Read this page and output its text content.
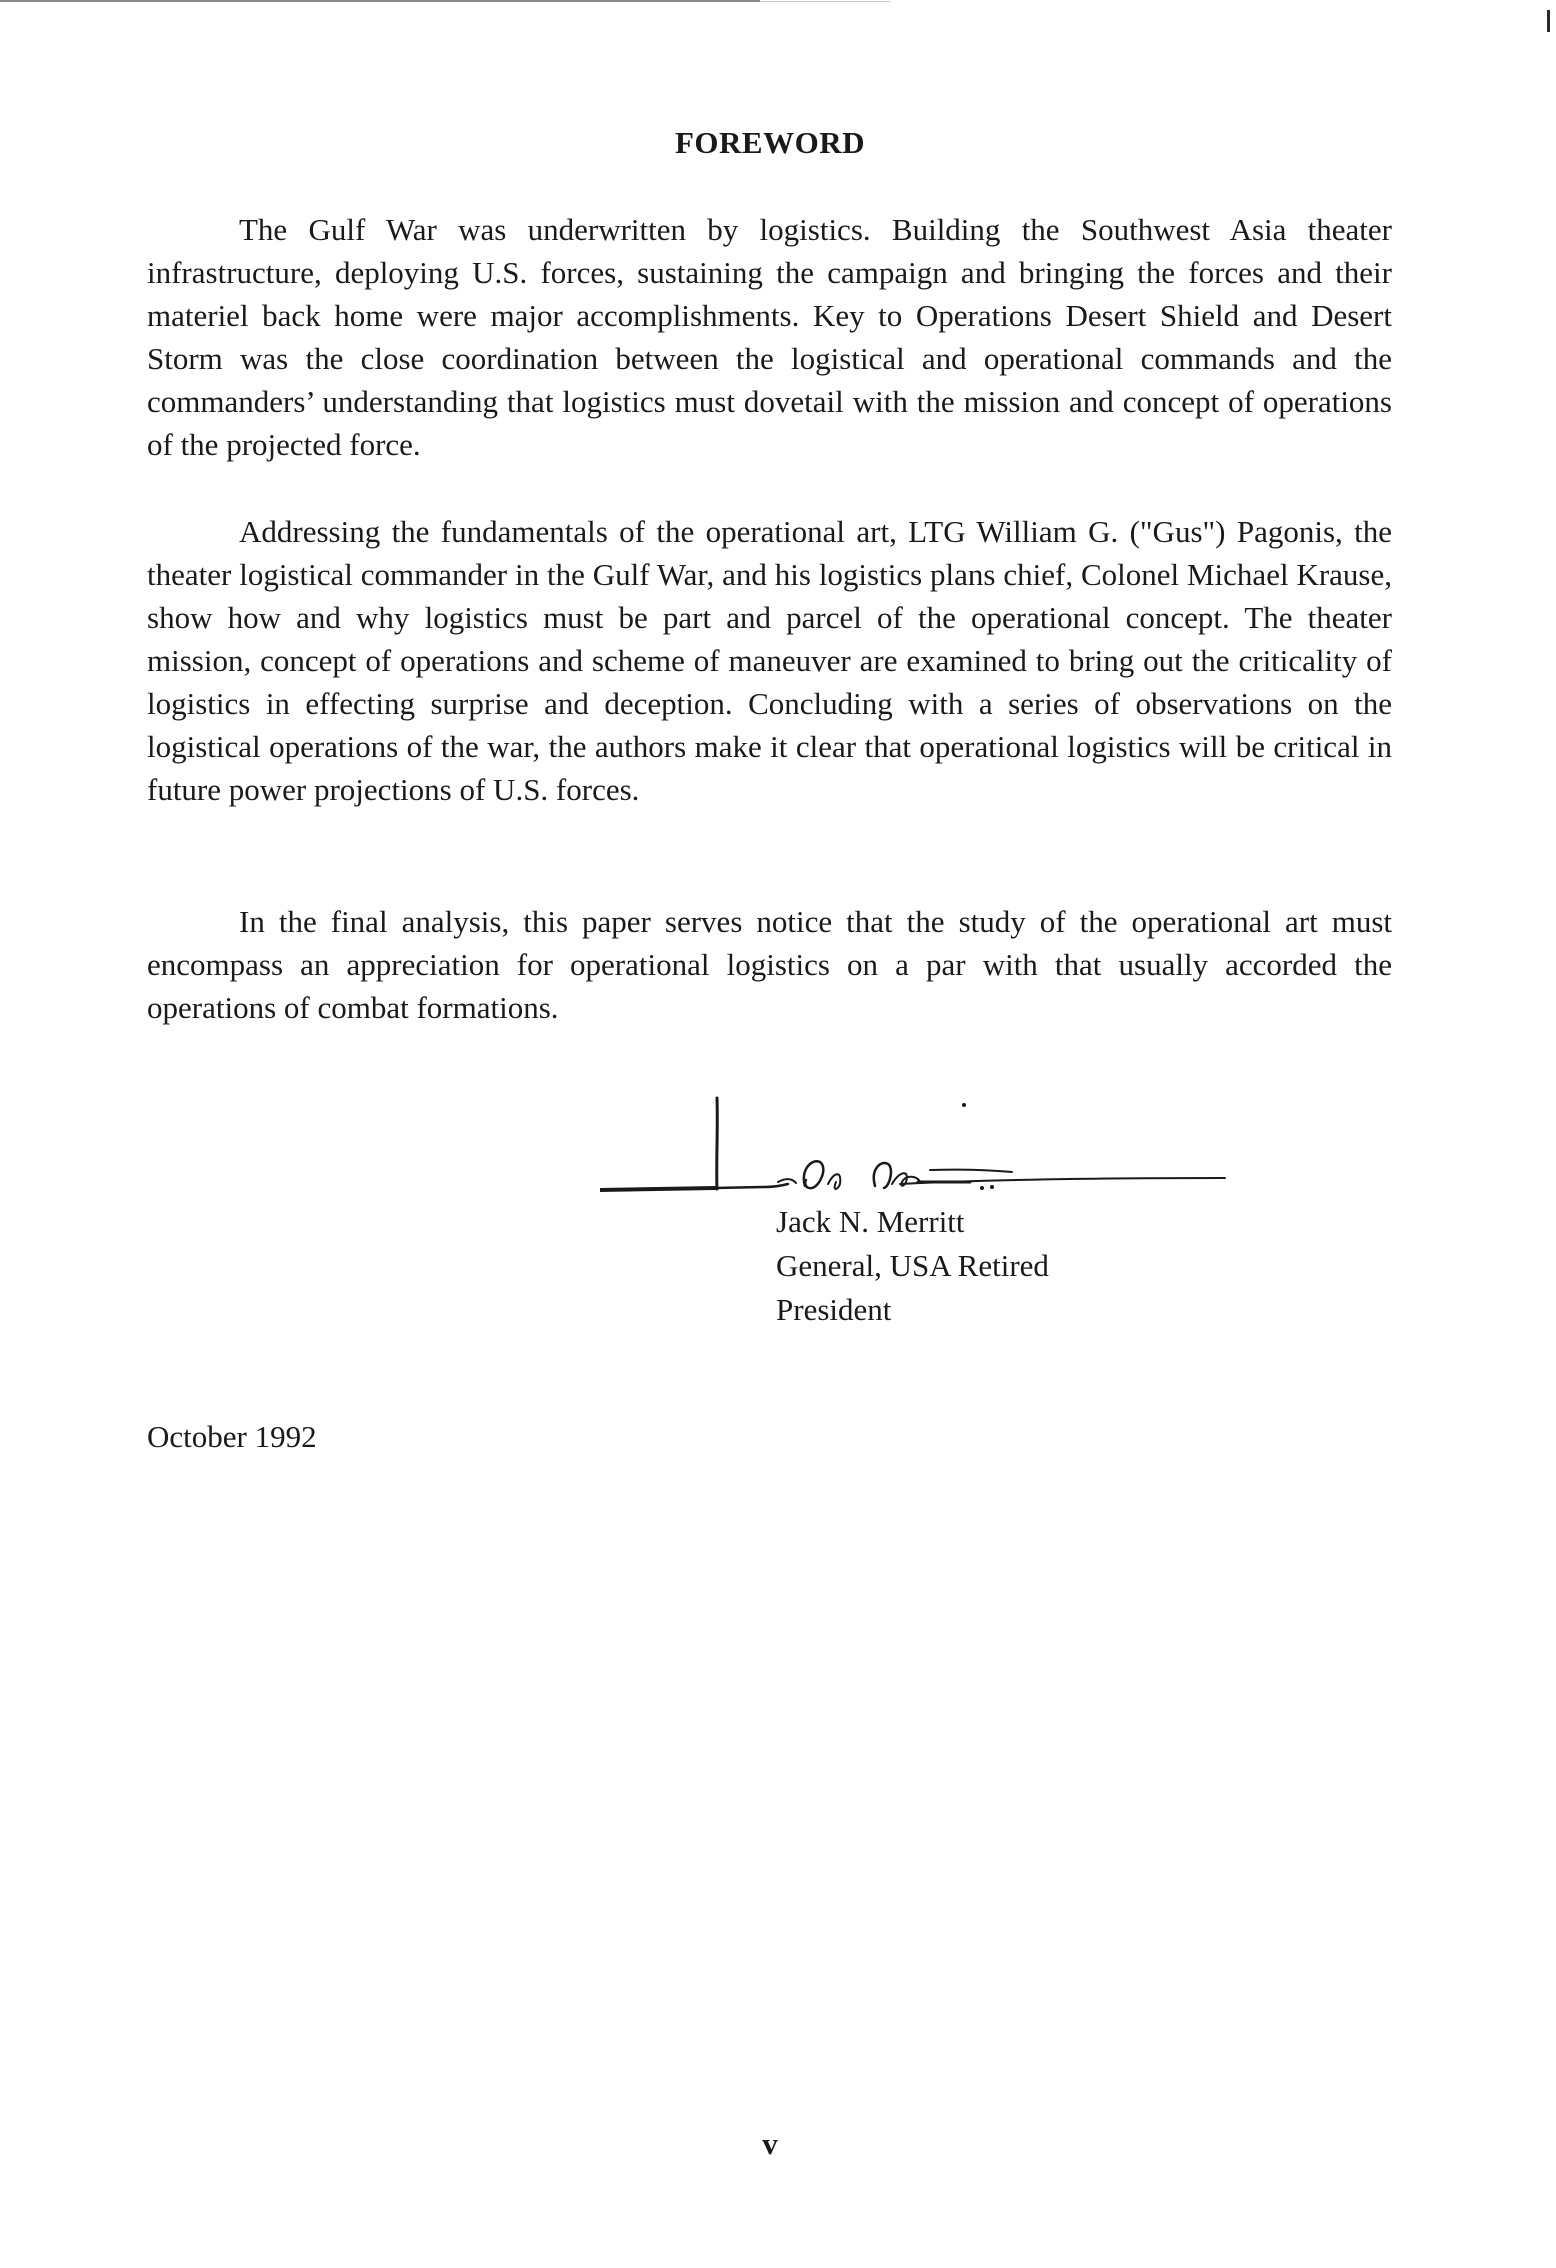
FOREWORD

The Gulf War was underwritten by logistics. Building the Southwest Asia theater infrastructure, deploying U.S. forces, sustaining the campaign and bringing the forces and their materiel back home were major accomplishments. Key to Operations Desert Shield and Desert Storm was the close coordination between the logistical and operational commands and the commanders’ understanding that logistics must dovetail with the mission and concept of operations of the projected force.

Addressing the fundamentals of the operational art, LTG William G. ("Gus") Pagonis, the theater logistical commander in the Gulf War, and his logistics plans chief, Colonel Michael Krause, show how and why logistics must be part and parcel of the operational concept. The theater mission, concept of operations and scheme of maneuver are examined to bring out the criticality of logistics in effecting surprise and deception. Concluding with a series of observations on the logistical operations of the war, the authors make it clear that operational logistics will be critical in future power projections of U.S. forces.

In the final analysis, this paper serves notice that the study of the operational art must encompass an appreciation for operational logistics on a par with that usually accorded the operations of combat formations.

Jack N. Merritt
General, USA Retired
President
October 1992
v
